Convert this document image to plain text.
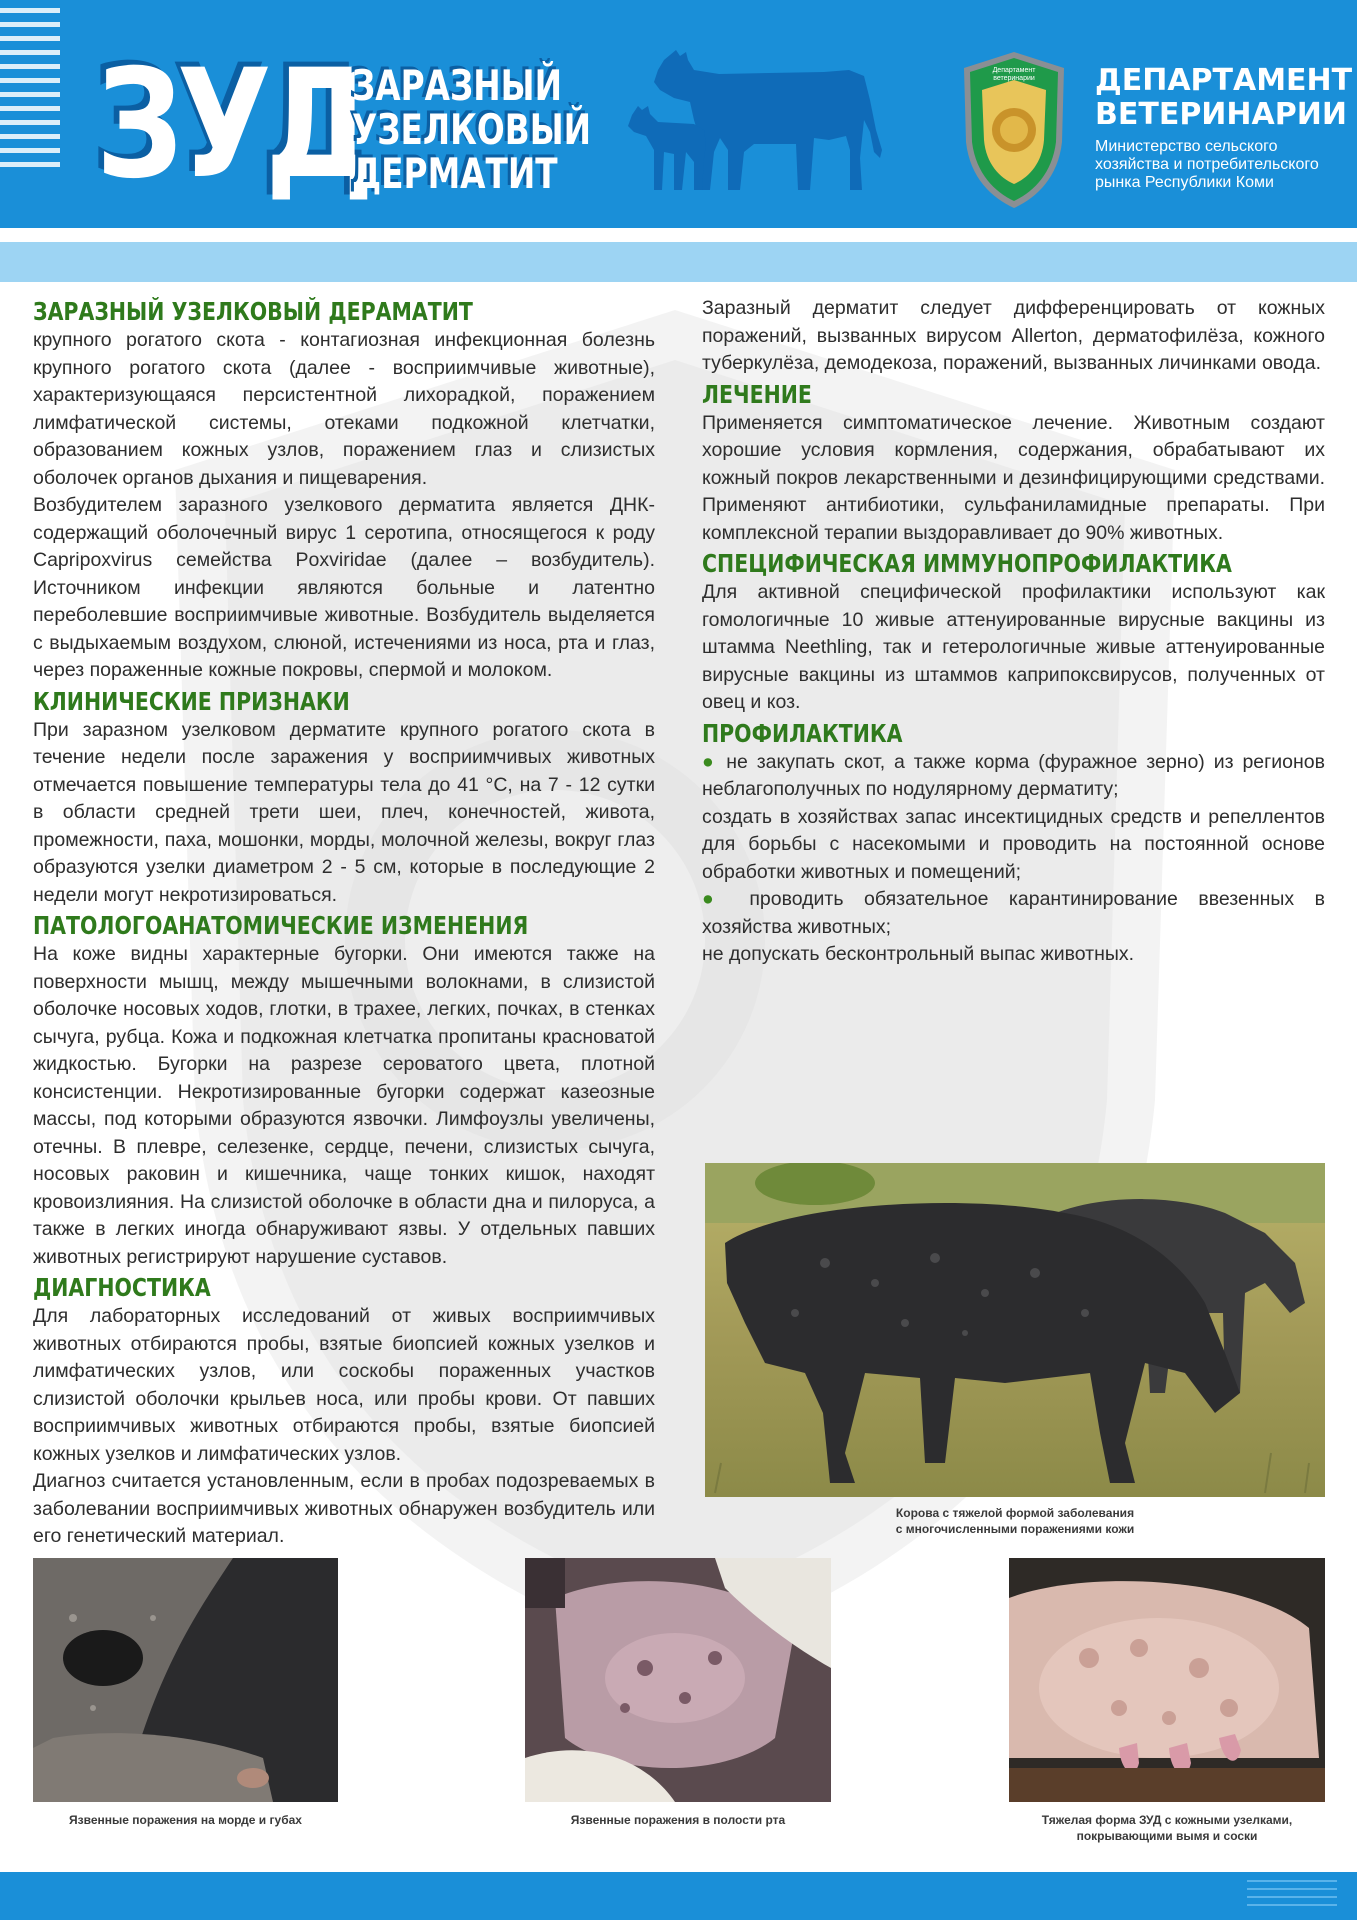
ЗУД
ЗАРАЗНЫЙ
УЗЕЛКОВЫЙ
ДЕРМАТИТ
Департамент
ветеринарии ДЕПАРТАМЕНТ
ВЕТЕРИНАРИИ
Министерство сельского
хозяйства и потребительского
рынка Республики Коми
ЗАРАЗНЫЙ УЗЕЛКОВЫЙ ДЕРАМАТИТ

крупного рогатого скота - контагиозная инфекционная болезнь крупного рогатого скота (далее - восприимчивые животные), характеризующаяся персистентной лихорадкой, поражением лимфатической системы, отеками подкожной клетчатки, образованием кожных узлов, поражением глаз и слизистых оболочек органов дыхания и пищеварения.

Возбудителем заразного узелкового дерматита является ДНК-содержащий оболочечный вирус 1 серотипа, относящегося к роду Capripoxvirus семейства Poxviridae (далее – возбудитель). Источником инфекции являются больные и латентно переболевшие восприимчивые животные. Возбудитель выделяется с выдыхаемым воздухом, слюной, истечениями из носа, рта и глаз, через пораженные кожные покровы, спермой и молоком.

КЛИНИЧЕСКИЕ ПРИЗНАКИ

При заразном узелковом дерматите крупного рогатого скота в течение недели после заражения у восприимчивых животных отмечается повышение температуры тела до 41 °С, на 7 - 12 сутки в области средней трети шеи, плеч, конечностей, живота, промежности, паха, мошонки, морды, молочной железы, вокруг глаз образуются узелки диаметром 2 - 5 см, которые в последующие 2 недели могут некротизироваться.

ПАТОЛОГОАНАТОМИЧЕСКИЕ ИЗМЕНЕНИЯ

На коже видны характерные бугорки. Они имеются также на поверхности мышц, между мышечными волокнами, в слизистой оболочке носовых ходов, глотки, в трахее, легких, почках, в стенках сычуга, рубца. Кожа и подкожная клетчатка пропитаны красноватой жидкостью. Бугорки на разрезе сероватого цвета, плотной консистенции. Некротизированные бугорки содержат казеозные массы, под которыми образуются язвочки. Лимфоузлы увеличены, отечны. В плевре, селезенке, сердце, печени, слизистых сычуга, носовых раковин и кишечника, чаще тонких кишок, находят кровоизлияния. На слизистой оболочке в области дна и пилоруса, а также в легких иногда обнаруживают язвы. У отдельных павших животных регистрируют нарушение суставов.

ДИАГНОСТИКА

Для лабораторных исследований от живых восприимчивых животных отбираются пробы, взятые биопсией кожных узелков и лимфатических узлов, или соскобы пораженных участков слизистой оболочки крыльев носа, или пробы крови. От павших восприимчивых животных отбираются пробы, взятые биопсией кожных узелков и лимфатических узлов.

Диагноз считается установленным, если в пробах подозреваемых в заболевании восприимчивых животных обнаружен возбудитель или его генетический материал.

Заразный дерматит следует дифференцировать от кожных поражений, вызванных вирусом Allerton, дерматофилёза, кожного туберкулёза, демодекоза, поражений, вызванных личинками овода.

ЛЕЧЕНИЕ

Применяется симптоматическое лечение. Животным создают хорошие условия кормления, содержания, обрабатывают их кожный покров лекарственными и дезинфицирующими средствами. Применяют антибиотики, сульфаниламидные препараты. При комплексной терапии выздоравливает до 90% животных.

СПЕЦИФИЧЕСКАЯ ИММУНОПРОФИЛАКТИКА

Для активной специфической профилактики используют как гомологичные 10 живые аттенуированные вирусные вакцины из штамма Neethling, так и гетерологичные живые аттенуированные вирусные вакцины из штаммов каприпоксвирусов, полученных от овец и коз.

ПРОФИЛАКТИКА

● не закупать скот, а также корма (фуражное зерно) из регионов неблагополучных по нодулярному дерматиту;

создать в хозяйствах запас инсектицидных средств и репеллентов для борьбы с насекомыми и проводить на постоянной основе обработки животных и помещений;

● проводить обязательное карантинирование ввезенных в хозяйства животных;

не допускать бесконтрольный выпас животных.

Корова с тяжелой формой заболевания
с многочисленными поражениями кожи
Язвенные поражения на морде и губах	Язвенные поражения в полости рта	Тяжелая форма ЗУД с кожными узелками,
покрывающими вымя и соски
